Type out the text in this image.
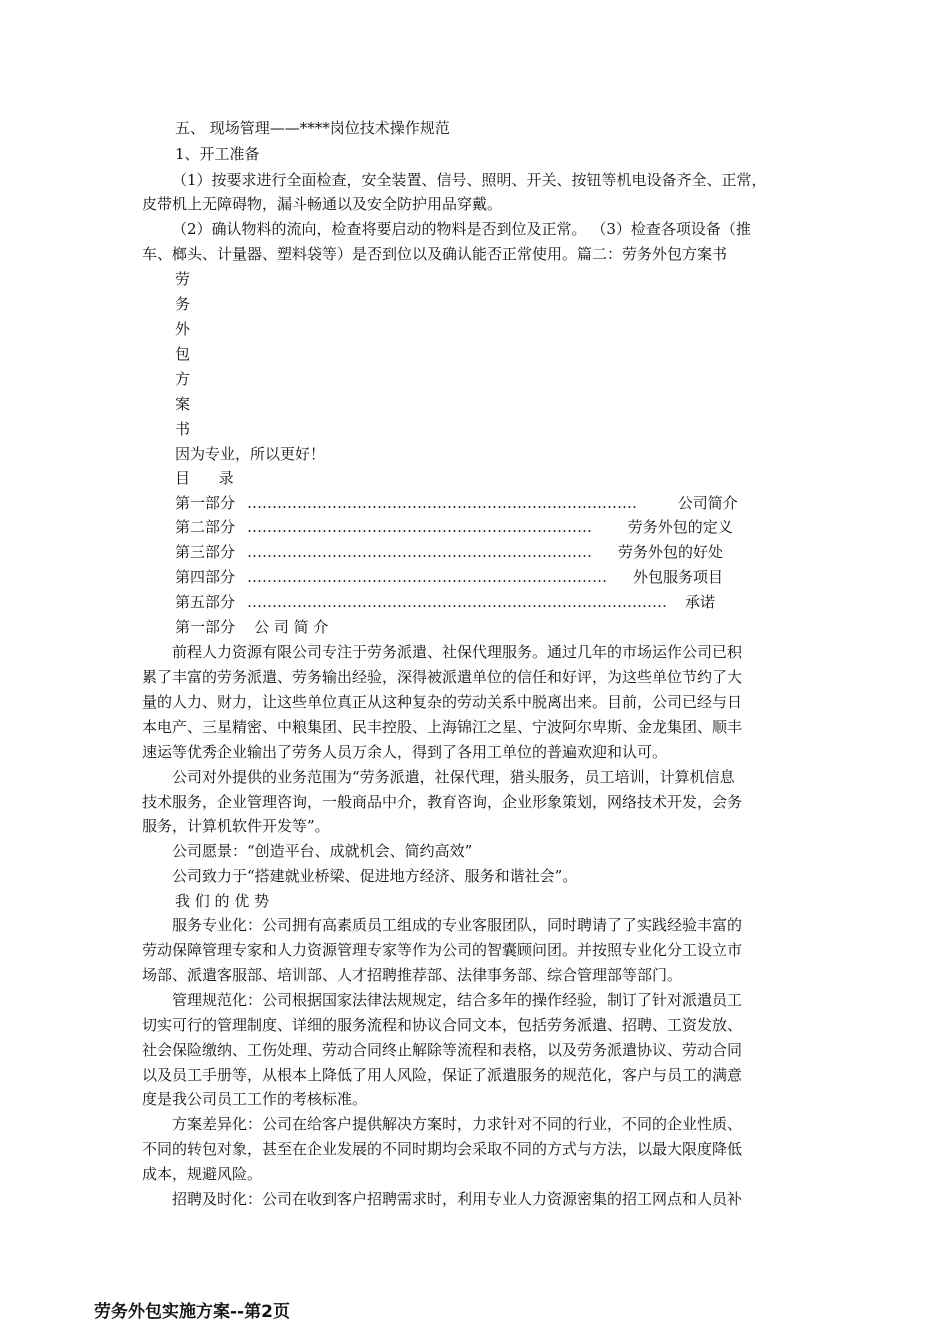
五、 现场管理——****岗位技术操作规范
1、开工准备
（1）按要求进行全面检查，安全装置、信号、照明、开关、按钮等机电设备齐全、正常，
皮带机上无障碍物，漏斗畅通以及安全防护用品穿戴。
（2）确认物料的流向，检查将要启动的物料是否到位及正常。 （3）检查各项设备（推
车、榔头、计量器、塑料袋等）是否到位以及确认能否正常使用。篇二：劳务外包方案书
劳
务
外
包
方
案
书
因为专业，所以更好！
目      录
第一部分 …………………………………………………………………… 公司简介
第二部分 …………………………………………………………… 劳务外包的定义
第三部分 …………………………………………………………… 劳务外包的好处
第四部分 ……………………………………………………………… 外包服务项目
第五部分 ………………………………………………………………………… 承诺
第一部分    公 司 简 介
前程人力资源有限公司专注于劳务派遣、社保代理服务。通过几年的市场运作公司已积
累了丰富的劳务派遣、劳务输出经验，深得被派遣单位的信任和好评，为这些单位节约了大
量的人力、财力，让这些单位真正从这种复杂的劳动关系中脱离出来。目前，公司已经与日
本电产、三星精密、中粮集团、民丰控股、上海锦江之星、宁波阿尔卑斯、金龙集团、顺丰
速运等优秀企业输出了劳务人员万余人，得到了各用工单位的普遍欢迎和认可。
公司对外提供的业务范围为“劳务派遣，社保代理，猎头服务，员工培训，计算机信息
技术服务，企业管理咨询，一般商品中介，教育咨询，企业形象策划，网络技术开发，会务
服务，计算机软件开发等”。
公司愿景：“创造平台、成就机会、简约高效”
公司致力于“搭建就业桥梁、促进地方经济、服务和谐社会”。
我 们 的 优 势
服务专业化：公司拥有高素质员工组成的专业客服团队，同时聘请了了实践经验丰富的
劳动保障管理专家和人力资源管理专家等作为公司的智囊顾问团。并按照专业化分工设立市
场部、派遣客服部、培训部、人才招聘推荐部、法律事务部、综合管理部等部门。
管理规范化：公司根据国家法律法规规定，结合多年的操作经验，制订了针对派遣员工
切实可行的管理制度、详细的服务流程和协议合同文本，包括劳务派遣、招聘、工资发放、
社会保险缴纳、工伤处理、劳动合同终止解除等流程和表格，以及劳务派遣协议、劳动合同
以及员工手册等，从根本上降低了用人风险，保证了派遣服务的规范化，客户与员工的满意
度是我公司员工工作的考核标准。
方案差异化：公司在给客户提供解决方案时，力求针对不同的行业，不同的企业性质、
不同的转包对象，甚至在企业发展的不同时期均会采取不同的方式与方法，以最大限度降低
成本，规避风险。
招聘及时化：公司在收到客户招聘需求时，利用专业人力资源密集的招工网点和人员补
劳务外包实施方案--第2页
